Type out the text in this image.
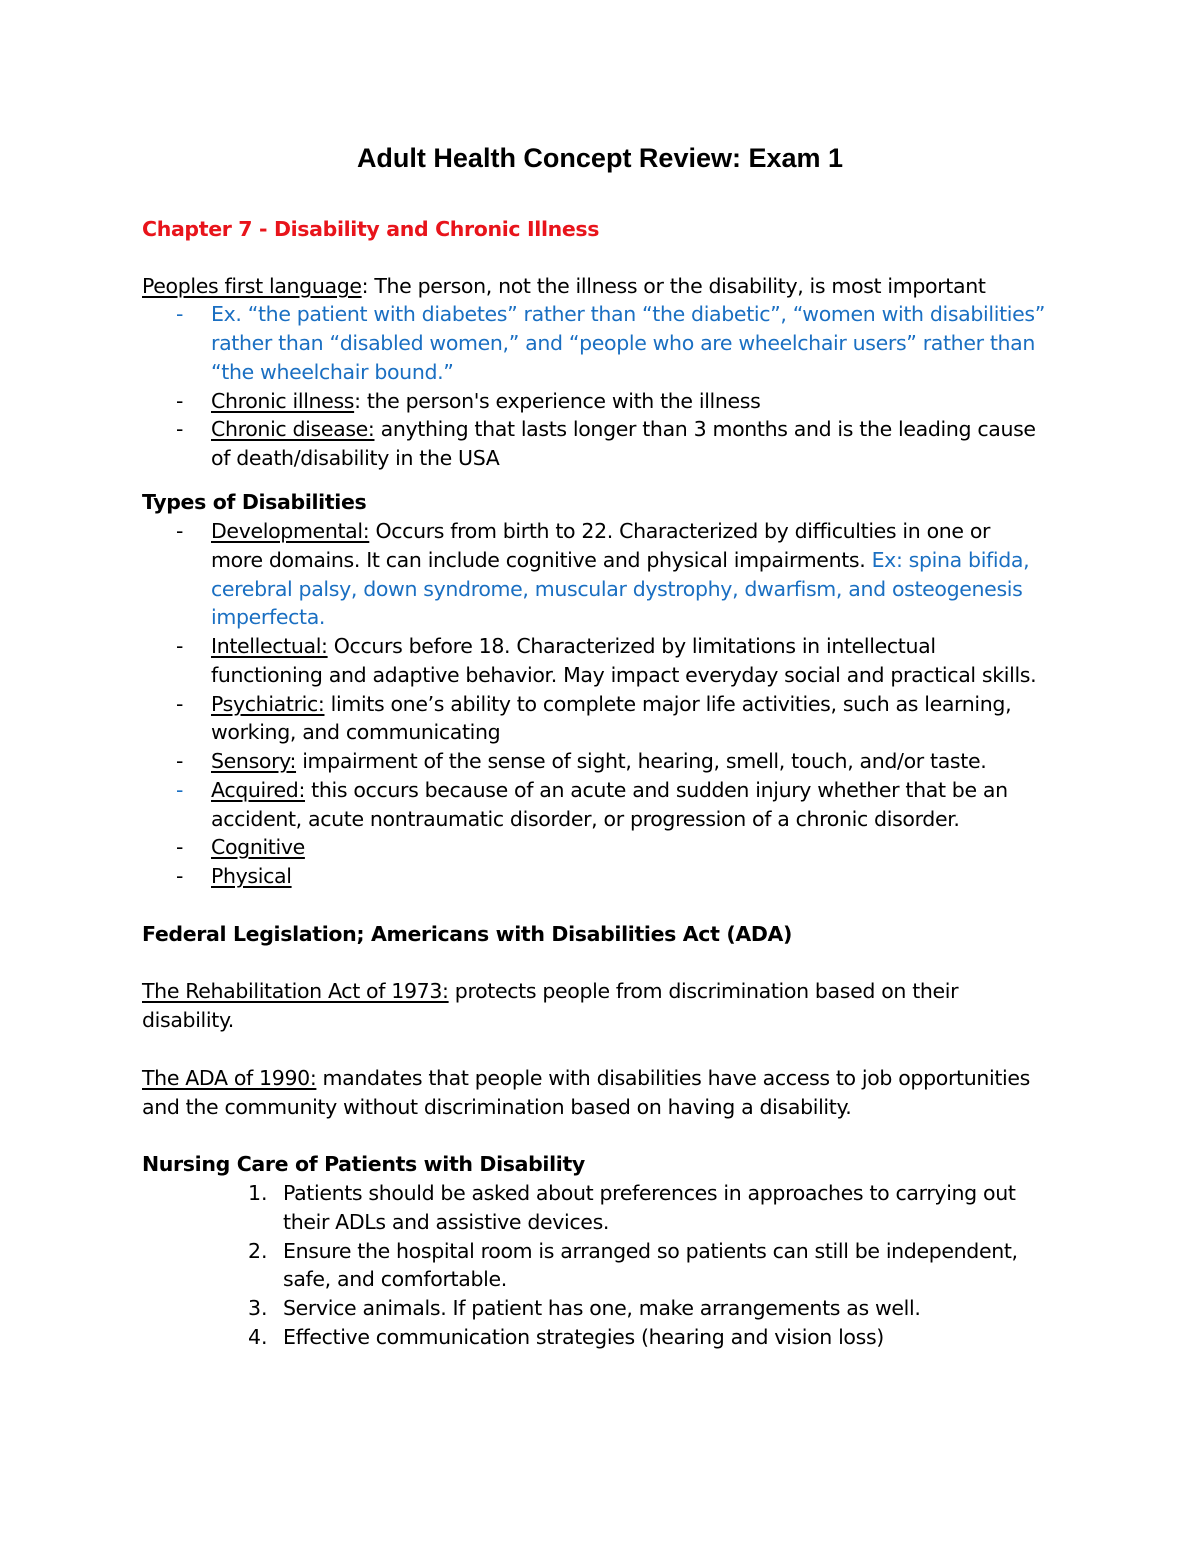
Adult Health Concept Review: Exam 1

Chapter 7 - Disability and Chronic Illness

Peoples first language: The person, not the illness or the disability, is most important

- Ex. “the patient with diabetes” rather than “the diabetic”, “women with disabilities”

rather than “disabled women,” and “people who are wheelchair users” rather than

“the wheelchair bound.”

- Chronic illness: the person's experience with the illness

- Chronic disease: anything that lasts longer than 3 months and is the leading cause

of death/disability in the USA

Types of Disabilities

- Developmental: Occurs from birth to 22. Characterized by difficulties in one or

more domains. It can include cognitive and physical impairments. Ex: spina bifida,

cerebral palsy, down syndrome, muscular dystrophy, dwarfism, and osteogenesis

imperfecta.

- Intellectual: Occurs before 18. Characterized by limitations in intellectual

functioning and adaptive behavior. May impact everyday social and practical skills.

- Psychiatric: limits one’s ability to complete major life activities, such as learning,

working, and communicating

- Sensory: impairment of the sense of sight, hearing, smell, touch, and/or taste.

- Acquired: this occurs because of an acute and sudden injury whether that be an

accident, acute nontraumatic disorder, or progression of a chronic disorder.

- Cognitive

- Physical

Federal Legislation; Americans with Disabilities Act (ADA)

The Rehabilitation Act of 1973: protects people from discrimination based on their

disability.

The ADA of 1990: mandates that people with disabilities have access to job opportunities

and the community without discrimination based on having a disability.

Nursing Care of Patients with Disability

1. Patients should be asked about preferences in approaches to carrying out

their ADLs and assistive devices.

2. Ensure the hospital room is arranged so patients can still be independent,

safe, and comfortable.

3. Service animals. If patient has one, make arrangements as well.

4. Effective communication strategies (hearing and vision loss)
